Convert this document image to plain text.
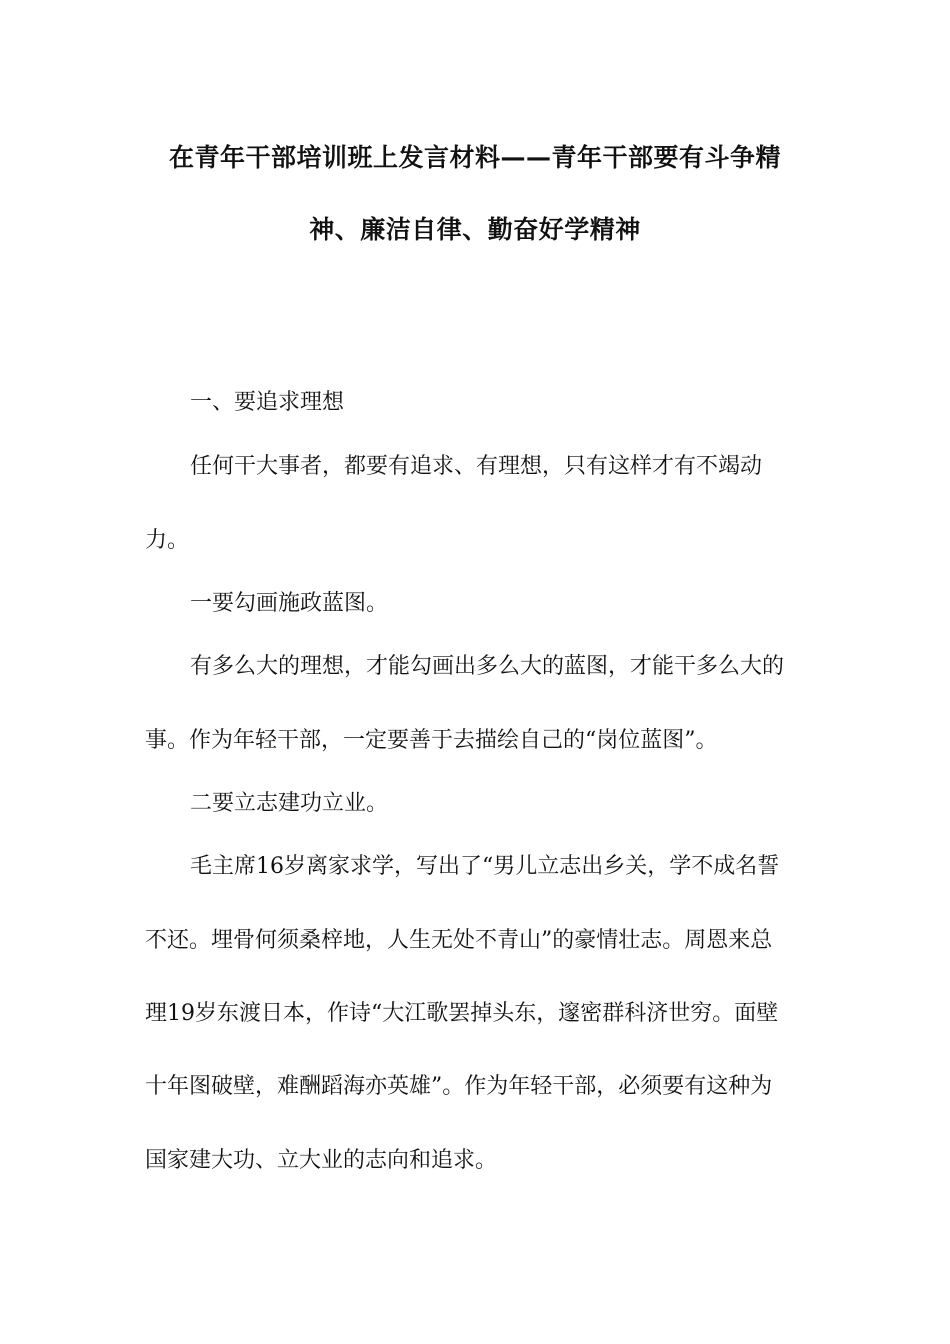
在青年干部培训班上发言材料——青年干部要有斗争精
神、廉洁自律、勤奋好学精神
一、要追求理想
任何干大事者，都要有追求、有理想，只有这样才有不竭动
力。
一要勾画施政蓝图。
有多么大的理想，才能勾画出多么大的蓝图，才能干多么大的
事。作为年轻干部，一定要善于去描绘自己的“岗位蓝图”。
二要立志建功立业。
毛主席16岁离家求学，写出了“男儿立志出乡关，学不成名誓
不还。埋骨何须桑梓地，人生无处不青山”的豪情壮志。周恩来总
理19岁东渡日本，作诗“大江歌罢掉头东，邃密群科济世穷。面壁
十年图破壁，难酬蹈海亦英雄”。作为年轻干部，必须要有这种为
国家建大功、立大业的志向和追求。
